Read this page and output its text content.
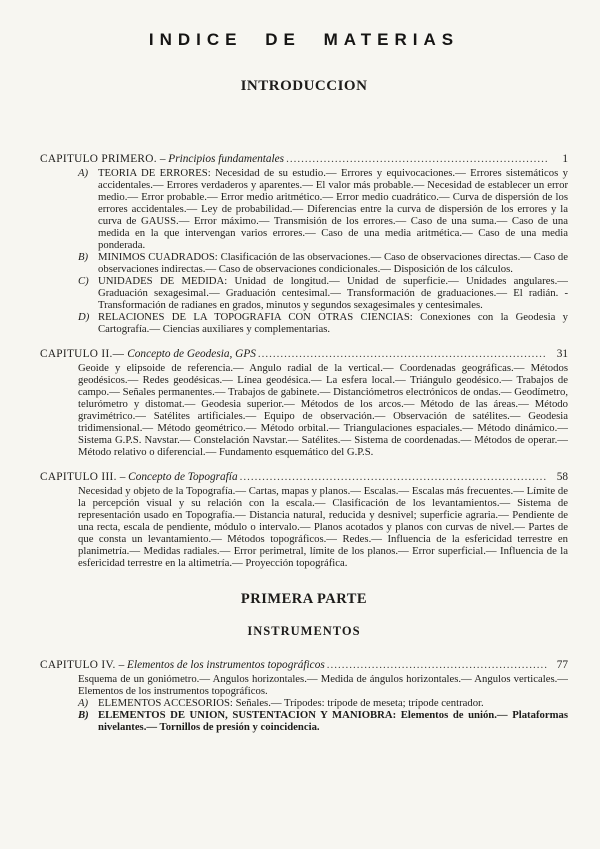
INDICE DE MATERIAS
INTRODUCCION
CAPITULO PRIMERO. – Principios fundamentales .....	1

A) TEORIA DE ERRORES: Necesidad de su estudio.— Errores y equivocaciones.— Errores sistemáticos y accidentales.— Errores verdaderos y aparentes.— El valor más probable.— Necesidad de establecer un error medio.— Error probable.— Error medio aritmético.— Error medio cuadrático.— Curva de dispersión de los errores accidentales.— Ley de probabilidad.— Diferencias entre la curva de dispersión de los errores y la curva de GAUSS.— Error máximo.— Transmisión de los errores.— Caso de una suma.— Caso de una medida en la que intervengan varios errores.— Caso de una media aritmética.— Caso de una media ponderada.

B) MINIMOS CUADRADOS: Clasificación de las observaciones.— Caso de observaciones directas.— Caso de observaciones indirectas.— Caso de observaciones condicionales.— Disposición de los cálculos.

C) UNIDADES DE MEDIDA: Unidad de longitud.— Unidad de superficie.— Unidades angulares.— Graduación sexagesimal.— Graduación centesimal.— Transformación de graduaciones.— El radián. - Transformación de radianes en grados, minutos y segundos sexagesimales y centesimales.

D) RELACIONES DE LA TOPOGRAFIA CON OTRAS CIENCIAS: Conexiones con la Geodesia y Cartografía.— Ciencias auxiliares y complementarias.

CAPITULO II.— Concepto de Geodesia, GPS .....	31

Geoide y elipsoide de referencia.— Angulo radial de la vertical.— Coordenadas geográficas.— Métodos geodésicos.— Redes geodésicas.— Línea geodésica.— La esfera local.— Triángulo geodésico.— Trabajos de campo.— Señales permanentes.— Trabajos de gabinete.— Distanciómetros electrónicos de ondas.— Geodímetro, telurómetro y distomat.— Geodesia superior.— Métodos de los arcos.— Método de las áreas.— Método gravimétrico.— Satélites artificiales.— Equipo de observación.— Observación de satélites.— Geodesia tridimensional.— Método geométrico.— Método orbital.— Triangulaciones espaciales.— Método dinámico.— Sistema G.P.S. Navstar.— Constelación Navstar.— Satélites.— Sistema de coordenadas.— Métodos de operar.— Método relativo o diferencial.— Fundamento esquemático del G.P.S.

CAPITULO III. – Concepto de Topografía .....	58

Necesidad y objeto de la Topografía.— Cartas, mapas y planos.— Escalas.— Escalas más frecuentes.— Límite de la percepción visual y su relación con la escala.— Clasificación de los levantamientos.— Sistema de representación usado en Topografía.— Distancia natural, reducida y desnivel; superficie agraria.— Pendiente de una recta, escala de pendiente, módulo o intervalo.— Planos acotados y planos con curvas de nivel.— Partes de que consta un levantamiento.— Métodos topográficos.— Redes.— Influencia de la esfericidad terrestre en planimetría.— Medidas radiales.— Error perimetral, límite de los planos.— Error superficial.— Influencia de la esfericidad terrestre en la altimetría.— Proyección topográfica.

PRIMERA PARTE
INSTRUMENTOS
CAPITULO IV. – Elementos de los instrumentos topográficos .....	77

Esquema de un goniómetro.— Angulos horizontales.— Medida de ángulos horizontales.— Angulos verticales.— Elementos de los instrumentos topográficos.

A) ELEMENTOS ACCESORIOS: Señales.— Trípodes: trípode de meseta; trípode centrador.

B) ELEMENTOS DE UNION, SUSTENTACION Y MANIOBRA: Elementos de unión.— Plataformas nivelantes.— Tornillos de presión y coincidencia.
